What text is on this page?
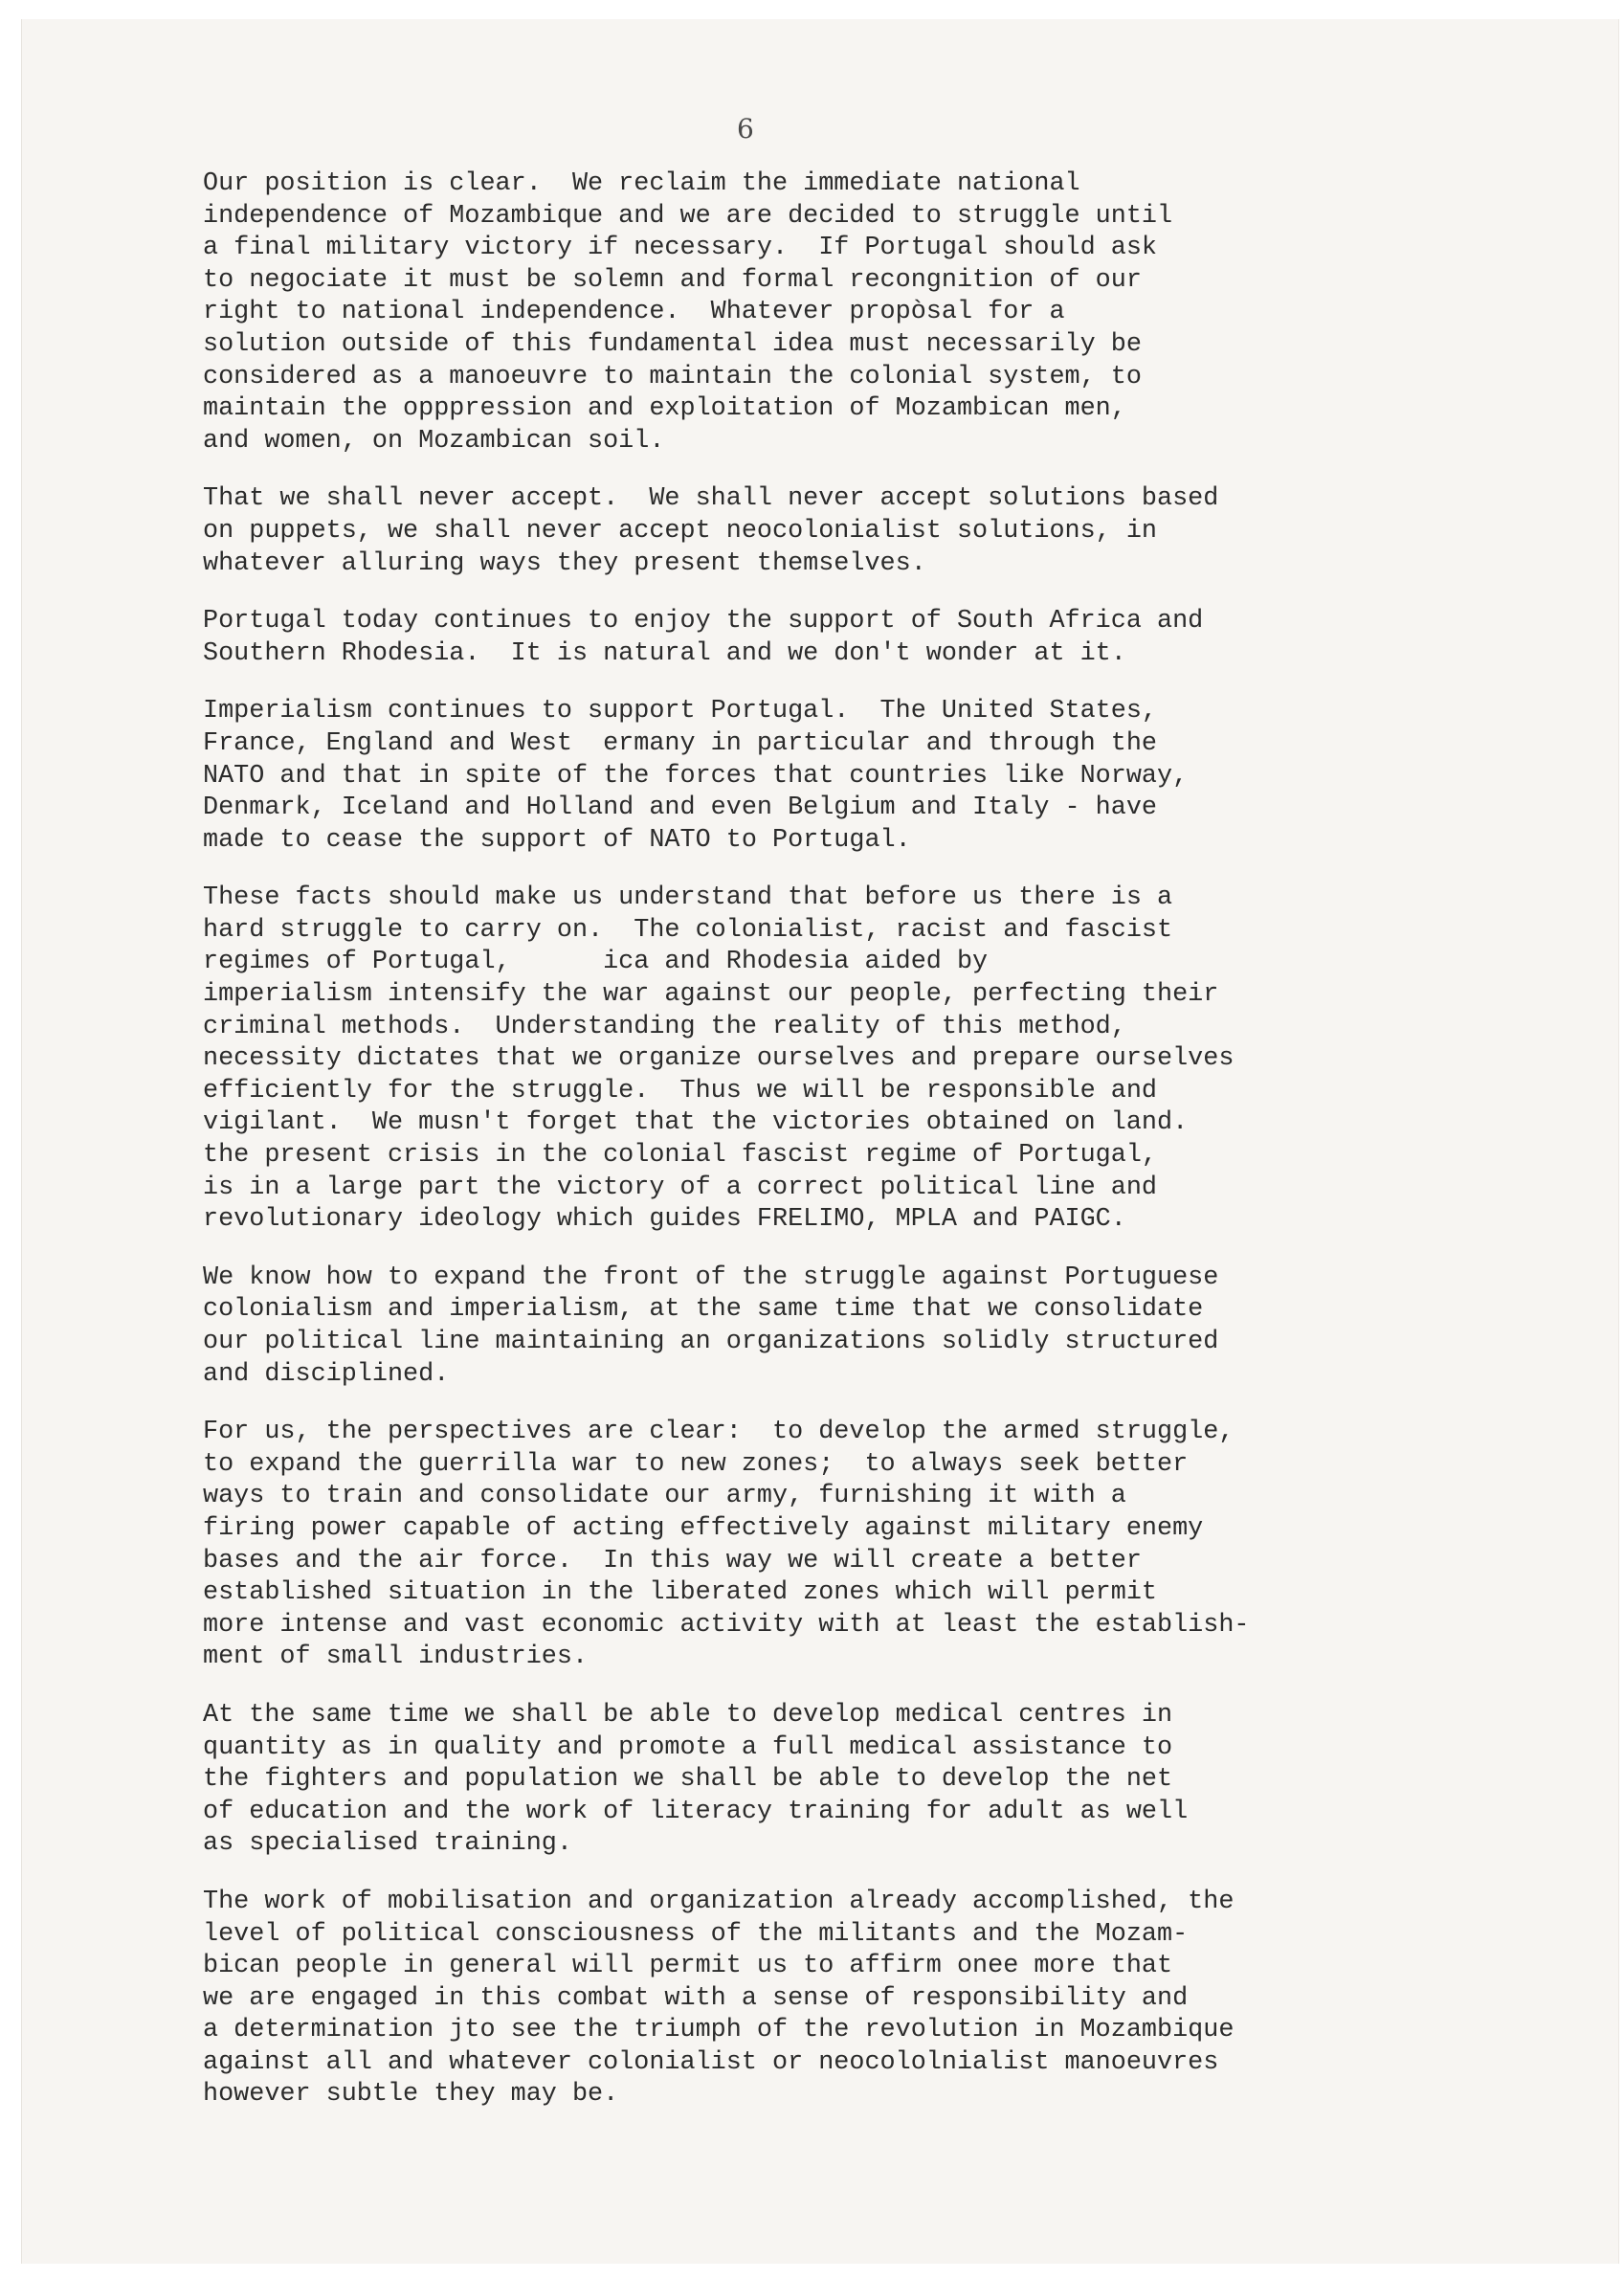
6
Our position is clear.  We reclaim the immediate national
independence of Mozambique and we are decided to struggle until
a final military victory if necessary.  If Portugal should ask
to negociate it must be solemn and formal recongnition of our
right to national independence.  Whatever propòsal for a
solution outside of this fundamental idea must necessarily be
considered as a manoeuvre to maintain the colonial system, to
maintain the opppression and exploitation of Mozambican men,
and women, on Mozambican soil.
That we shall never accept.  We shall never accept solutions based
on puppets, we shall never accept neocolonialist solutions, in
whatever alluring ways they present themselves.
Portugal today continues to enjoy the support of South Africa and
Southern Rhodesia.  It is natural and we don't wonder at it.
Imperialism continues to support Portugal.  The United States,
France, England and West  ermany in particular and through the
NATO and that in spite of the forces that countries like Norway,
Denmark, Iceland and Holland and even Belgium and Italy - have
made to cease the support of NATO to Portugal.
These facts should make us understand that before us there is a
hard struggle to carry on.  The colonialist, racist and fascist
regimes of Portugal,      ica and Rhodesia aided by
imperialism intensify the war against our people, perfecting their
criminal methods.  Understanding the reality of this method,
necessity dictates that we organize ourselves and prepare ourselves
efficiently for the struggle.  Thus we will be responsible and
vigilant.  We musn't forget that the victories obtained on land.
the present crisis in the colonial fascist regime of Portugal,
is in a large part the victory of a correct political line and
revolutionary ideology which guides FRELIMO, MPLA and PAIGC.
We know how to expand the front of the struggle against Portuguese
colonialism and imperialism, at the same time that we consolidate
our political line maintaining an organizations solidly structured
and disciplined.
For us, the perspectives are clear:  to develop the armed struggle,
to expand the guerrilla war to new zones;  to always seek better
ways to train and consolidate our army, furnishing it with a
firing power capable of acting effectively against military enemy
bases and the air force.  In this way we will create a better
established situation in the liberated zones which will permit
more intense and vast economic activity with at least the establish-
ment of small industries.
At the same time we shall be able to develop medical centres in
quantity as in quality and promote a full medical assistance to
the fighters and population we shall be able to develop the net
of education and the work of literacy training for adult as well
as specialised training.
The work of mobilisation and organization already accomplished, the
level of political consciousness of the militants and the Mozam-
bican people in general will permit us to affirm onee more that
we are engaged in this combat with a sense of responsibility and
a determination jto see the triumph of the revolution in Mozambique
against all and whatever colonialist or neocololnialist manoeuvres
however subtle they may be.
